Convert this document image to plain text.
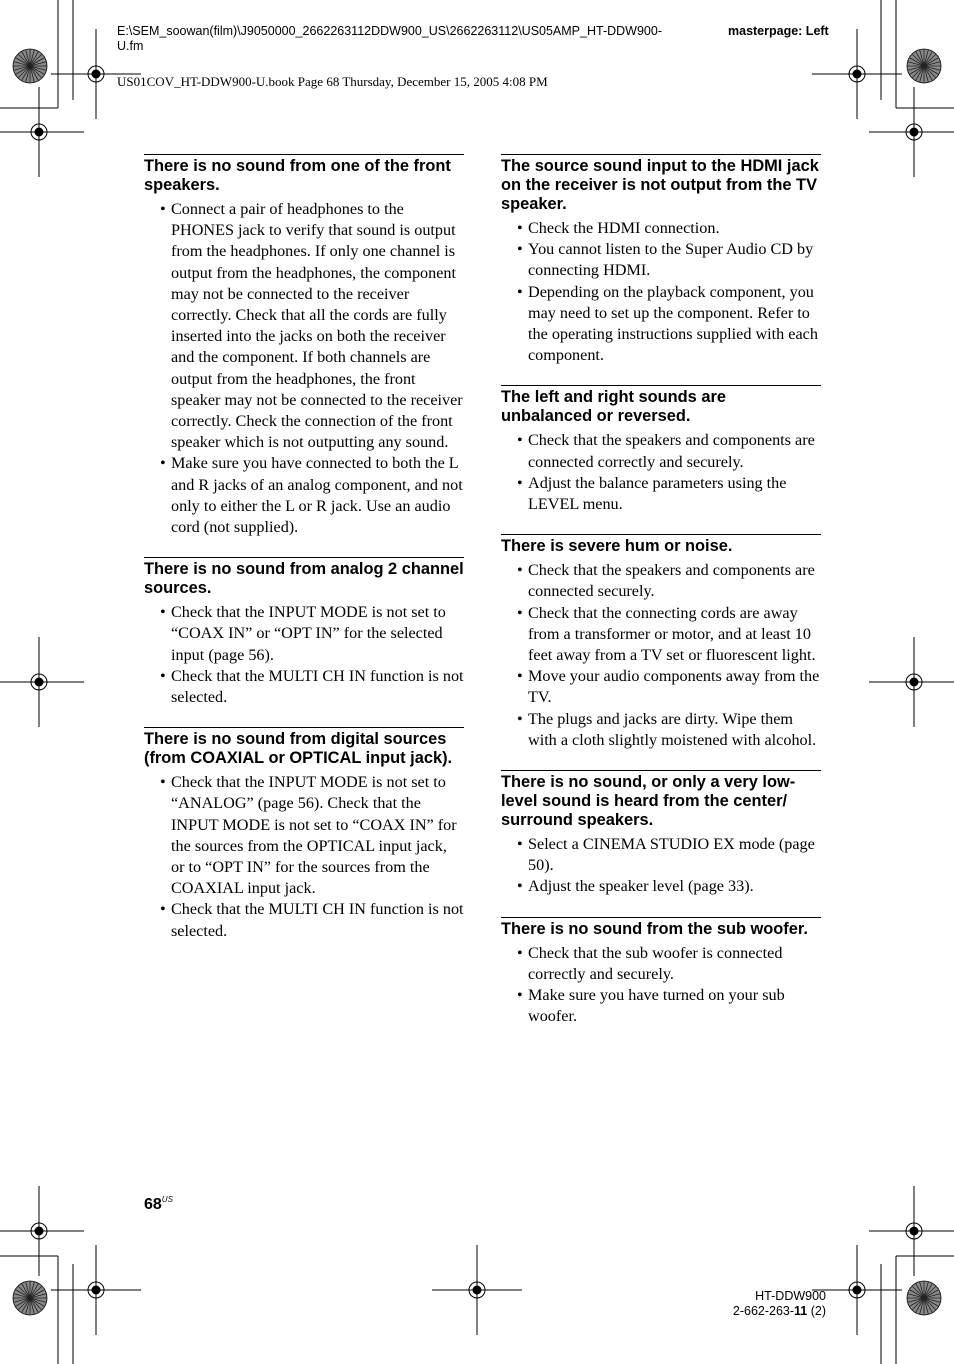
E:\SEM_soowan(film)\J9050000_2662263112DDW900_US\2662263112\US05AMP_HT-DDW900-U.fm
masterpage: Left
US01COV_HT-DDW900-U.book Page 68 Thursday, December 15, 2005 4:08 PM
There is no sound from one of the front speakers.
• Connect a pair of headphones to the PHONES jack to verify that sound is output from the headphones. If only one channel is output from the headphones, the component may not be connected to the receiver correctly. Check that all the cords are fully inserted into the jacks on both the receiver and the component. If both channels are output from the headphones, the front speaker may not be connected to the receiver correctly. Check the connection of the front speaker which is not outputting any sound.
• Make sure you have connected to both the L and R jacks of an analog component, and not only to either the L or R jack. Use an audio cord (not supplied).
There is no sound from analog 2 channel sources.
• Check that the INPUT MODE is not set to “COAX IN” or “OPT IN” for the selected input (page 56).
• Check that the MULTI CH IN function is not selected.
There is no sound from digital sources (from COAXIAL or OPTICAL input jack).
• Check that the INPUT MODE is not set to “ANALOG” (page 56). Check that the INPUT MODE is not set to “COAX IN” for the sources from the OPTICAL input jack, or to “OPT IN” for the sources from the COAXIAL input jack.
• Check that the MULTI CH IN function is not selected.
The source sound input to the HDMI jack on the receiver is not output from the TV speaker.
• Check the HDMI connection.
• You cannot listen to the Super Audio CD by connecting HDMI.
• Depending on the playback component, you may need to set up the component. Refer to the operating instructions supplied with each component.
The left and right sounds are unbalanced or reversed.
• Check that the speakers and components are connected correctly and securely.
• Adjust the balance parameters using the LEVEL menu.
There is severe hum or noise.
• Check that the speakers and components are connected securely.
• Check that the connecting cords are away from a transformer or motor, and at least 10 feet away from a TV set or fluorescent light.
• Move your audio components away from the TV.
• The plugs and jacks are dirty. Wipe them with a cloth slightly moistened with alcohol.
There is no sound, or only a very low-level sound is heard from the center/ surround speakers.
• Select a CINEMA STUDIO EX mode (page 50).
• Adjust the speaker level (page 33).
There is no sound from the sub woofer.
• Check that the sub woofer is connected correctly and securely.
• Make sure you have turned on your sub woofer.
$68^{US}$
HT-DDW900
2-662-263-11 (2)
